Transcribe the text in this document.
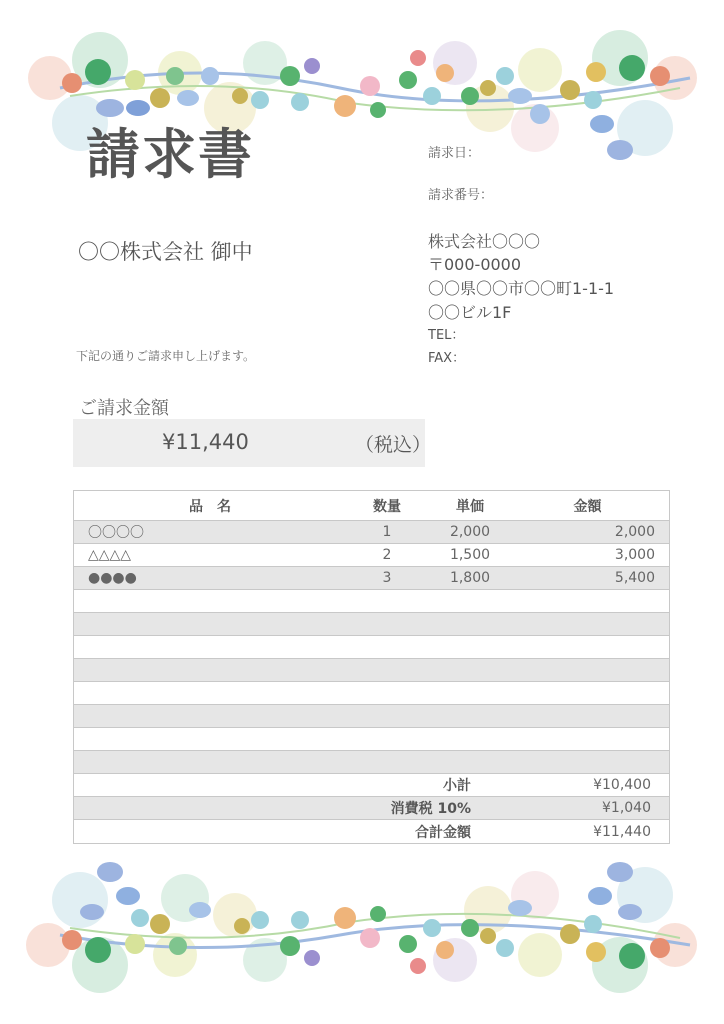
請求書	請求日：
請求番号：
〇〇株式会社 御中	株式会社〇〇〇
〒000-0000
〇〇県〇〇市〇〇町1-1-1
〇〇ビル1F
TEL：
FAX：
下記の通りご請求申し上げます。
ご請求金額
¥11,440	（税込）
品　名	数量	単価	金額
〇〇〇〇	1	2,000	2,000
△△△△	2	1,500	3,000
●●●●	3	1,800	5,400
小計	¥10,400
消費税 10%	¥1,040
合計金額	¥11,440
